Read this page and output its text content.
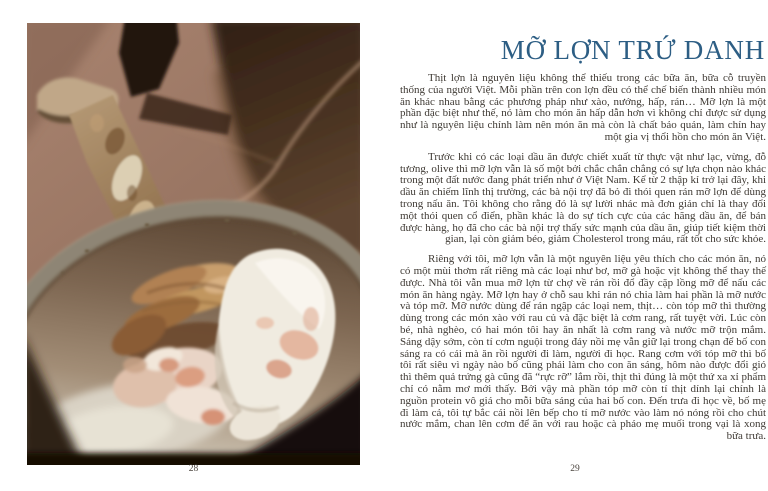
MỠ LỢN TRỨ DANH

Thịt lợn là nguyên liệu không thể thiếu trong các bữa ăn, bữa cỗ truyền thống của người Việt. Mỗi phần trên con lợn đều có thể chế biến thành nhiều món ăn khác nhau bằng các phương pháp như xào, nướng, hấp, rán… Mỡ lợn là một phần đặc biệt như thế, nó làm cho món ăn hấp dẫn hơn vì không chỉ được sử dụng như là nguyên liệu chính làm nên món ăn mà còn là chất bảo quản, làm chín hay một gia vị thổi hồn cho món ăn Việt.

Trước khi có các loại dầu ăn được chiết xuất từ thực vật như lạc, vừng, đỗ tương, olive thì mỡ lợn vẫn là số một bởi chắc chắn chẳng có sự lựa chọn nào khác trong một đất nước đang phát triển như ở Việt Nam. Kể từ 2 thập kỉ trở lại đây, khi dầu ăn chiếm lĩnh thị trường, các bà nội trợ đã bỏ đi thói quen rán mỡ lợn để dùng trong nấu ăn. Tôi không cho rằng đó là sự lười nhác mà đơn giản chỉ là thay đổi một thói quen cổ điển, phần khác là do sự tích cực của các hãng dầu ăn, để bán được hàng, họ đã cho các bà nội trợ thấy sức mạnh của dầu ăn, giúp tiết kiệm thời gian, lại còn giảm béo, giảm Cholesterol trong máu, rất tốt cho sức khỏe.

Riêng với tôi, mỡ lợn vẫn là một nguyên liệu yêu thích cho các món ăn, nó có một mùi thơm rất riêng mà các loại như bơ, mỡ gà hoặc vịt không thể thay thế được. Nhà tôi vẫn mua mỡ lợn từ chợ về rán rồi đổ đầy cặp lồng mỡ để nấu các món ăn hàng ngày. Mỡ lợn hay ở chỗ sau khi rán nó chia làm hai phần là mỡ nước và tóp mỡ. Mỡ nước dùng để rán ngập các loại nem, thịt… còn tóp mỡ thì thường dùng trong các món xào với rau củ và đặc biệt là cơm rang, rất tuyệt vời. Lúc còn bé, nhà nghèo, có hai món tôi hay ăn nhất là cơm rang và nước mỡ trộn mắm. Sáng dậy sớm, còn tí cơm nguội trong đáy nồi mẹ vẫn giữ lại trong chạn để bố con sáng ra có cái mà ăn rồi người đi làm, người đi học. Rang cơm với tóp mỡ thì bố tôi rất siêu vì ngày nào bố cũng phải làm cho con ăn sáng, hôm nào được đổi gió thì thêm quả trứng gà cũng đã “rực rỡ” lắm rồi, thịt thì đúng là một thứ xa xỉ phẩm chỉ có nằm mơ mới thấy. Bởi vậy mà phần tóp mỡ còn tí thịt dính lại chính là nguồn protein vô giá cho mỗi bữa sáng của hai bố con. Đến trưa đi học về, bố mẹ đi làm cả, tôi tự bắc cái nồi lên bếp cho tí mỡ nước vào làm nó nóng rồi cho chút nước mắm, chan lên cơm để ăn với rau hoặc cà pháo mẹ muối trong vại là xong bữa trưa.

28	29
